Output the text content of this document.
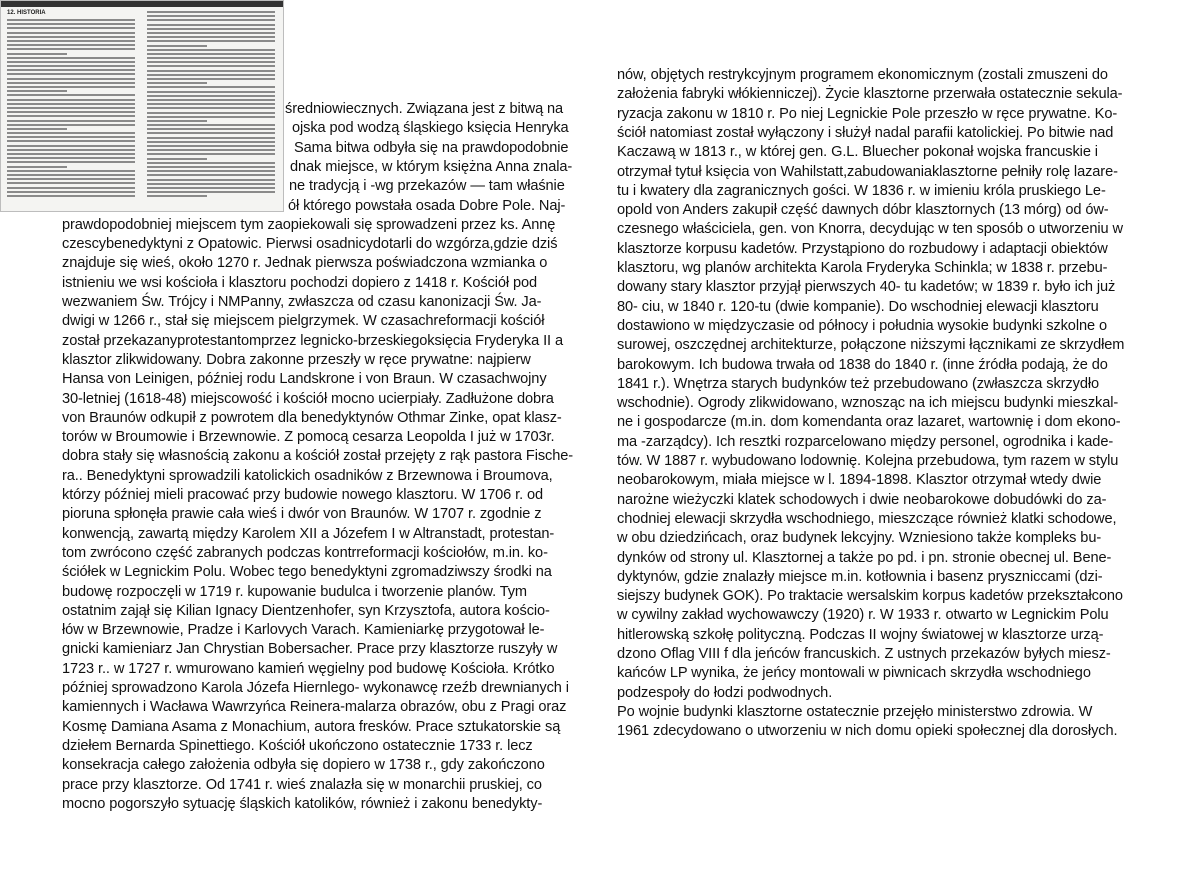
średniowiecznych. Związana jest z bitwą na
ojska pod wodzą śląskiego księcia Henryka
Sama bitwa odbyła się na prawdopodobnie
dnak miejsce, w którym księżna Anna znala-
ne tradycją i -wg przekazów — tam właśnie
ół którego powstała osada Dobre Pole. Naj-
prawdopodobniej miejscem tym zaopiekowali się sprowadzeni przez ks. Annę
czescybenedyktyni z Opatowic. Pierwsi osadnicydotarli do wzgórza,gdzie dziś
znajduje się wieś, około 1270 r. Jednak pierwsza poświadczona wzmianka o
istnieniu we wsi kościoła i klasztoru pochodzi dopiero z 1418 r. Kościół pod
wezwaniem Św. Trójcy i NMPanny, zwłaszcza od czasu kanonizacji Św. Ja-
dwigi w 1266 r., stał się miejscem pielgrzymek. W czasachreformacji kościół
został przekazanyprotestantomprzez legnicko-brzeskiegoksięcia Fryderyka II a
klasztor zlikwidowany. Dobra zakonne przeszły w ręce prywatne: najpierw
Hansa von Leinigen, później rodu Landskrone i von Braun. W czasachwojny
30-letniej (1618-48) miejscowość i kościół mocno ucierpiały. Zadłużone dobra
von Braunów odkupił z powrotem dla benedyktynów Othmar Zinke, opat klasz-
torów w Broumowie i Brzewnowie. Z pomocą cesarza Leopolda I już w 1703r.
dobra stały się własnością zakonu a kościół został przejęty z rąk pastora Fische-
ra.. Benedyktyni sprowadzili katolickich osadników z Brzewnowa i Broumova,
którzy później mieli pracować przy budowie nowego klasztoru. W 1706 r. od
pioruna spłonęła prawie cała wieś i dwór von Braunów. W 1707 r. zgodnie z
konwencją, zawartą między Karolem XII a Józefem I w Altranstadt, protestan-
tom zwrócono część zabranych podczas kontrreformacji kościołów, m.in. ko-
ściółek w Legnickim Polu. Wobec tego benedyktyni zgromadziwszy środki na
budowę rozpoczęli w 1719 r. kupowanie budulca i tworzenie planów. Tym
ostatnim zajął się Kilian Ignacy Dientzenhofer, syn Krzysztofa, autora kościo-
łów w Brzewnowie, Pradze i Karlovych Varach. Kamieniarkę przygotował le-
gnicki kamieniarz Jan Chrystian Bobersacher. Prace przy klasztorze ruszyły w
1723 r.. w 1727 r. wmurowano kamień węgielny pod budowę Kościoła. Krótko
później sprowadzono Karola Józefa Hiernlego- wykonawcę rzeźb drewnianych i
kamiennych i Wacława Wawrzyńca Reinera-malarza obrazów, obu z Pragi oraz
Kosmę Damiana Asama z Monachium, autora fresków. Prace sztukatorskie są
dziełem Bernarda Spinettiego. Kościół ukończono ostatecznie 1733 r. lecz
konsekracja całego założenia odbyła się dopiero w 1738 r., gdy zakończono
prace przy klasztorze. Od 1741 r. wieś znalazła się w monarchii pruskiej, co
mocno pogorszyło sytuację śląskich katolików, również i zakonu benedykty-
nów, objętych restrykcyjnym programem ekonomicznym (zostali zmuszeni do
założenia fabryki włókienniczej). Życie klasztorne przerwała ostatecznie sekula-
ryzacja zakonu w 1810 r. Po niej Legnickie Pole przeszło w ręce prywatne. Ko-
ściół natomiast został wyłączony i służył nadal parafii katolickiej. Po bitwie nad
Kaczawą w 1813 r., w której gen. G.L. Bluecher pokonał wojska francuskie i
otrzymał tytuł księcia von Wahilstatt,zabudowaniaklasztorne pełniły rolę lazare-
tu i kwatery dla zagranicznych gości. W 1836 r. w imieniu króla pruskiego Le-
opold von Anders zakupił część dawnych dóbr klasztornych (13 mórg) od ów-
czesnego właściciela, gen. von Knorra, decydując w ten sposób o utworzeniu w
klasztorze korpusu kadetów. Przystąpiono do rozbudowy i adaptacji obiektów
klasztoru, wg planów architekta Karola Fryderyka Schinkla; w 1838 r. przebu-
dowany stary klasztor przyjął pierwszych 40- tu kadetów; w 1839 r. było ich już
80- ciu, w 1840 r. 120-tu (dwie kompanie). Do wschodniej elewacji klasztoru
dostawiono w międzyczasie od północy i południa wysokie budynki szkolne o
surowej, oszczędnej architekturze, połączone niższymi łącznikami ze skrzydłem
barokowym. Ich budowa trwała od 1838 do 1840 r. (inne źródła podają, że do
1841 r.). Wnętrza starych budynków też przebudowano (zwłaszcza skrzydło
wschodnie). Ogrody zlikwidowano, wznosząc na ich miejscu budynki mieszkal-
ne i gospodarcze (m.in. dom komendanta oraz lazaret, wartownię i dom ekono-
ma -zarządcy). Ich resztki rozparcelowano między personel, ogrodnika i kade-
tów. W 1887 r. wybudowano lodownię. Kolejna przebudowa, tym razem w stylu
neobarokowym, miała miejsce w l. 1894-1898. Klasztor otrzymał wtedy dwie
narożne wieżyczki klatek schodowych i dwie neobarokowe dobudówki do za-
chodniej elewacji skrzydła wschodniego, mieszczące również klatki schodowe,
w obu dziedzińcach, oraz budynek lekcyjny. Wzniesiono także kompleks bu-
dynków od strony ul. Klasztornej a także po pd. i pn. stronie obecnej ul. Bene-
dyktynów, gdzie znalazły miejsce m.in. kotłownia i basenz pryszniccami (dzi-
siejszy budynek GOK). Po traktacie wersalskim korpus kadetów przekształcono
w cywilny zakład wychowawczy (1920) r. W 1933 r. otwarto w Legnickim Polu
hitlerowską szkołę polityczną. Podczas II wojny światowej w klasztorze urzą-
dzono Oflag VIII f dla jeńców francuskich. Z ustnych przekazów byłych miesz-
kańców LP wynika, że jeńcy montowali w piwnicach skrzydła wschodniego
podzespoły do łodzi podwodnych.
Po wojnie budynki klasztorne ostatecznie przejęło ministerstwo zdrowia. W
1961 zdecydowano o utworzeniu w nich domu opieki społecznej dla dorosłych.
12. HISTORIA
